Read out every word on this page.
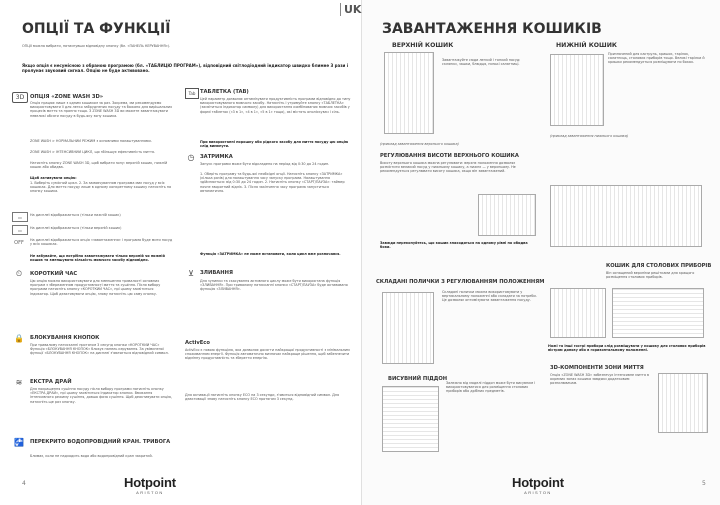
ОПЦІЇ ТА ФУНКЦІЇ

ОПЦІЇ можна вибрати, натиснувши відповідну кнопку (бл. «ПАНЕЛЬ КЕРУВАННЯ»).

Якщо опція є несумісною з обраною програмою (бл. «ТАБЛИЦЮ ПРОГРАМ»), відповідний світлодіодний індикатор швидко блимне 3 рази і пролунає звуковий сигнал. Опцію не буде активовано.

3D	ОПЦІЯ «ZONE WASH 3D»

Опція працює лише з одним кошиком за раз. Зокрема, ми рекомендуємо використовувати її для легко забруднених посуду та бажано для вирішальних процесів миття та прання тощо. З ZONE WASH 3D ви можете завантажувати невеликі обсяги посуду в будь-яку зону кошика.

ZONE WASH > НОРМАЛЬНИЙ РЕЖИМ з основними налаштуваннями.

ZONE WASH > ІНТЕНСИВНИЙ ЦИКЛ, що збільшує ефективність миття.

Натисніть кнопку ZONE WASH 3D, щоб вибрати зону: верхній кошик, нижній кошик або обидва.

Щоб активувати опцію:

1. Виберіть сумісний цикл. 2. За замовчуванням програма миє посуд у всіх кошиках. Для миття посуду лише в одному конкретному кошику натисніть на кнопку кошика.

▭	На дисплеї відображається (тільки нижній кошик)

▭	На дисплеї відображається (тільки верхній кошик)

OFF	На дисплеї відображається опція «завантаження» і програма буде мити посуд у всіх кошиках.

Не забувайте, що потрібно завантажувати тільки верхній чи нижній кошик та зменшувати кількість миючого засобу відповідно.

⏲	КОРОТКИЙ ЧАС

Цю опцію можна використовувати для зменшення тривалості основних програм з збереженням продуктивності миття та сушіння. Після вибору програми натисніть кнопку «КОРОТКИЙ ЧАС», прі цьому засвітиться індикатор. Щоб деактивувати опцію, знову натисніть цю саму кнопку.

🔒 БЛОКУВАННЯ КНОПОК

При тривалому натисканні протягом 3 секунд кнопки «КОРОТКИЙ ЧАС» Функція «БЛОКУВАННЯ КНОПОК» блокує панель керування. За увімкненої функції «БЛОКУВАННЯ КНОПОК» на дисплеї з'являється відповідний символ.

≋	ЕКСТРА ДРАЙ

Для покращення сушіння посуду після вибору програми натисніть кнопку «ЕКСТРА ДРАЙ», прі цьому засвітиться індикатор кнопки. Вмикання інтенсивного режиму сушіння, довша фаза сушіння. Щоб деактивувати опцію, натисніть ще раз кнопку.

🚰 ПЕРЕКРИТО ВОДОПРОВІДНИЙ КРАН. ТРИВОГА

Блимає, коли не надходить вода або водопровідний кран закритий.

Tab ТАБЛЕТКА (TAB)

Цей параметр дозволяє оптимізувати продуктивність програми відповідно до типу використовуваного миючого засобу. Натисніть і утримуйте кнопку «ТАБЛЕТКА» (засвітиться індикатор символу) для використання комбінованих миючих засобів у формі таблеток («3 в 1», «4 в 1», «5 в 1» тощо), які містять ополіскувач і сіль.

При використанні порошку або рідкого засобу для миття посуду цю опцію слід вимкнути.

◷	ЗАТРИМКА

Запуск програми може бути відкладено на період від 0:30 до 24 годин.

1. Оберіть програму та будь-які необхідні опції. Натисніть кнопку «ЗАТРИМКА» (кілька разів) для налаштування часу запуску програми. Налаштування здійснюється: від 0:30 до 24 годин. 2. Натисніть кнопку «СТАРТ/ПАУЗА»: таймер почне зворотний відлік. 3. Після закінчення часу програма запуститься автоматично.

Функція «ЗАТРИМКА» не може встановити, коли цикл вже розпочався.

⊻	ЗЛИВАННЯ

Для зупинки та скасування активного циклу може бути використана функція «ЗЛИВАННЯ». При тривалому натисканні кнопки «СТАРТ/ПАУЗА» буде активовано функцію «ЗЛИВАННЯ».

ActivEco

ActivEco є новою функцією, яка дозволяє досягти найкращої продуктивності з мінімальним споживанням енергії. Функція автоматично визначає найкраще рішення, щоб забезпечити відмінну продуктивність та зберегти енергію.

Для активації натисніть кнопку ECO на 3 секунди, з'явиться відповідний символ. Для деактивації знову натисніть кнопку ECO протягом 3 секунд.

4	Hotpoint
ARISTON
UK
ЗАВАНТАЖЕННЯ КОШИКІВ
ВЕРХНІЙ КОШИК

Завантажуйте сюди легкий і тонкий посуд: склянки, чашки, блюдця, низькі салатниці.

(приклад завантаження верхнього кошика)

РЕГУЛЮВАННЯ ВИСОТИ ВЕРХНЬОГО КОШИКА

Висоту верхнього кошика можна регулювати: верхнє положення дозволяє розмістити великий посуд у нижньому кошику, а нижнє — у верхньому. Не рекомендується регулювати висоту кошика, якщо він завантажений.

Завжди переконуйтесь, що кошик знаходиться на одному рівні по обидва боки.

СКЛАДАНІ ПОЛИЧКИ З РЕГУЛЮВАННЯМ ПОЛОЖЕННЯМ

Складані полички можна використовувати у вертикальному положенні або складати за потреби. Це дозволяє оптимізувати завантаження посуду.

ВИСУВНИЙ ПІДДОН

Залежно від моделі піддон може бути висувним і використовуватися для розміщення столових приборів або дрібних предметів.

НИЖНІЙ КОШИК

Призначений для каструль, кришок, тарілок, салатниць, столових приборів тощо. Великі тарілки й кришки рекомендується розміщувати по боках.

(приклад завантаження нижнього кошика)

КОШИК ДЛЯ СТОЛОВИХ ПРИБОРІВ

Він оснащений верхніми решітками для кращого розміщення столових приборів.

Ножі та інші гострі прибори слід розміщувати у кошику для столових приборів вістрям донизу або в горизонтальному положенні.

3D-КОМПОНЕНТИ ЗОНИ МИТТЯ

Опція «ZONE WASH 3D» забезпечує інтенсивне миття в окремих зонах кошика завдяки додатковим розпилювачам.

Hotpoint
ARISTON
5
